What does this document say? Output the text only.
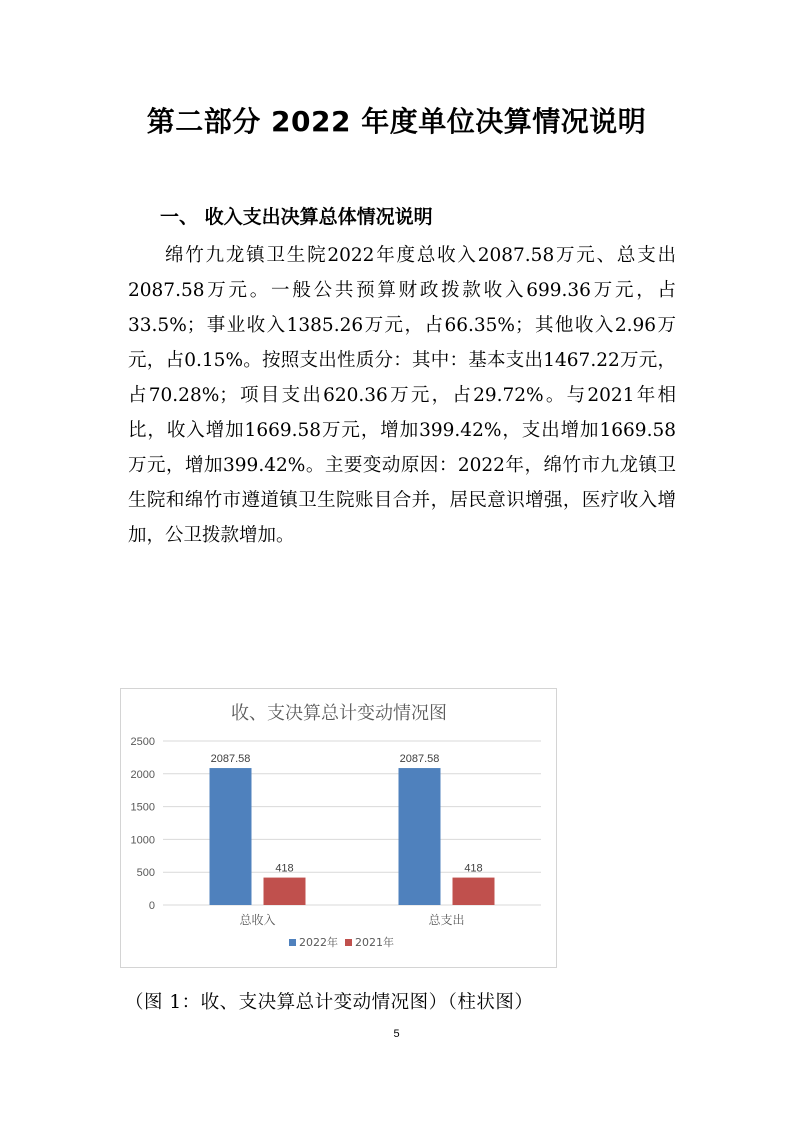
第二部分 2022 年度单位决算情况说明
一、 收入支出决算总体情况说明

绵竹九龙镇卫生院2022年度总收入2087.58万元、总支出2087.58万元。一般公共预算财政拨款收入699.36万元，占33.5%；事业收入1385.26万元，占66.35%；其他收入2.96万元，占0.15%。按照支出性质分：其中：基本支出1467.22万元，占70.28%；项目支出620.36万元，占29.72%。与2021年相比，收入增加1669.58万元，增加399.42%，支出增加1669.58万元，增加399.42%。主要变动原因：2022年，绵竹市九龙镇卫生院和绵竹市遵道镇卫生院账目合并，居民意识增强，医疗收入增加，公卫拨款增加。

收、支决算总计变动情况图
0
500
1000
1500
2000
2500
2087.58
418
总收入
2087.58
418
总支出
2022年 2021年
（图 1：收、支决算总计变动情况图）（柱状图）
5
